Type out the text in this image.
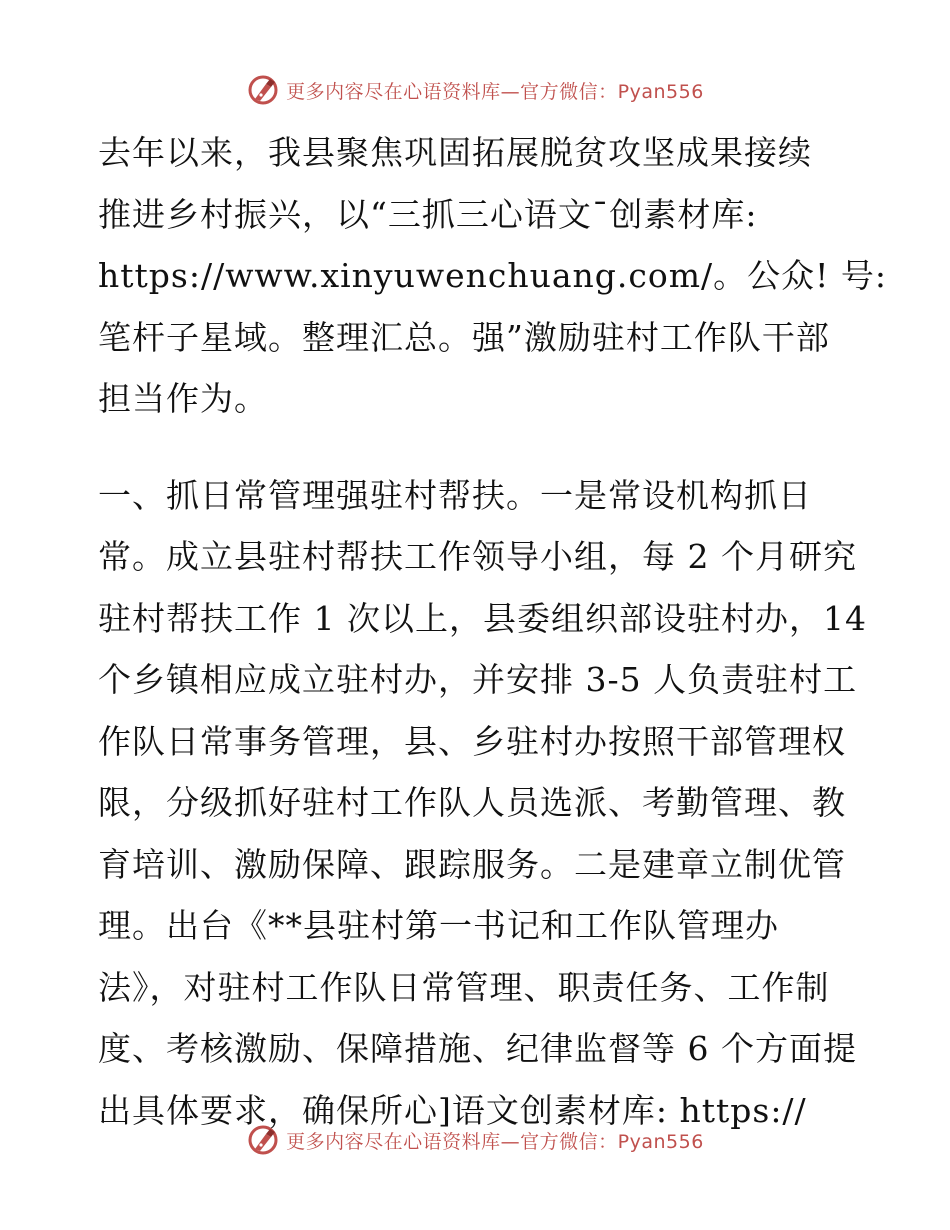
更多内容尽在心语资料库—官方微信：Pyan556
去年以来，我县聚焦巩固拓展脱贫攻坚成果接续
推进乡村振兴，以“三抓三心语文¯创素材库:
https://www.xinyuwenchuang.com/。公众! 号:
笔杆子星域。整理汇总。强”激励驻村工作队干部
担当作为。
一、抓日常管理强驻村帮扶。一是常设机构抓日
常。成立县驻村帮扶工作领导小组，每 2 个月研究
驻村帮扶工作 1 次以上，县委组织部设驻村办，14
个乡镇相应成立驻村办，并安排 3-5 人负责驻村工
作队日常事务管理，县、乡驻村办按照干部管理权
限，分级抓好驻村工作队人员选派、考勤管理、教
育培训、激励保障、跟踪服务。二是建章立制优管
理。出台《**县驻村第一书记和工作队管理办
法》，对驻村工作队日常管理、职责任务、工作制
度、考核激励、保障措施、纪律监督等 6 个方面提
出具体要求，确保所心]语文创素材库: https://
更多内容尽在心语资料库—官方微信：Pyan556
